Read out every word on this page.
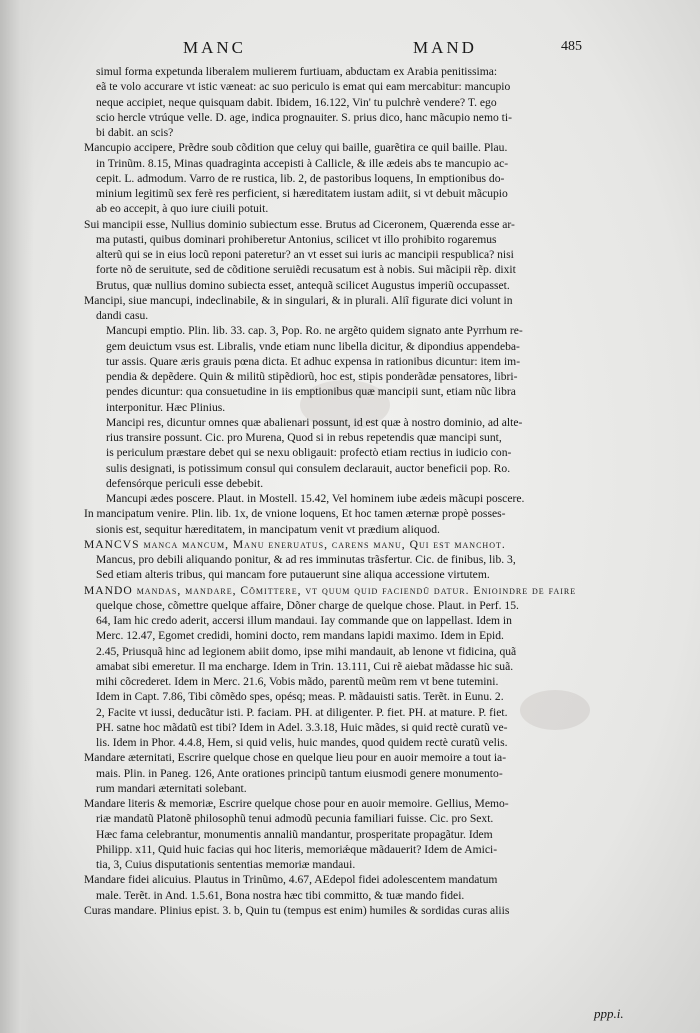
MANC	MAND	485
simul forma expetunda liberalem mulierem furtiuam, abductam ex Arabia penitissima:
eã te volo accurare vt istic væneat: ac suo periculo is emat qui eam mercabitur: mancupio
neque accipiet, neque quisquam dabit. Ibidem, 16.122, Vin' tu pulchrè vendere? T. ego
scio hercle vtrúque velle. D. age, indica prognauiter. S. prius dico, hanc mãcupio nemo ti-
bi dabit. an scis?
Mancupio accipere, Prẽdre soub cõdition que celuy qui baille, guarẽtira ce quil baille. Plau.
in Trinũm. 8.15, Minas quadraginta accepisti à Callicle, & ille ædeis abs te mancupio ac-
cepit. L. admodum. Varro de re rustica, lib. 2, de pastoribus loquens, In emptionibus do-
minium legitimũ sex ferè res perficient, si hæreditatem iustam adiit, si vt debuit mãcupio
ab eo accepit, à quo iure ciuili potuit.
Sui mancipii esse, Nullius dominio subiectum esse. Brutus ad Ciceronem, Quærenda esse ar-
ma putasti, quibus dominari prohiberetur Antonius, scilicet vt illo prohibito rogaremus
alterũ qui se in eius locũ reponi pateretur? an vt esset sui iuris ac mancipii respublica? nisi
forte nõ de seruitute, sed de cõditione seruiẽdi recusatum est à nobis. Sui mãcipii rẽp. dixit
Brutus, quæ nullius domino subiecta esset, antequã scilicet Augustus imperiũ occupasset.
Mancipi, siue mancupi, indeclinabile, & in singulari, & in plurali. Aliĩ figurate dici volunt in
dandi casu.
Mancupi emptio. Plin. lib. 33. cap. 3, Pop. Ro. ne argẽto quidem signato ante Pyrrhum re-
gem deuictum vsus est. Libralis, vnde etiam nunc libella dicitur, & dipondius appendeba-
tur assis. Quare æris grauis pœna dicta. Et adhuc expensa in rationibus dicuntur: item im-
pendia & depẽdere. Quin & militũ stipẽdiorũ, hoc est, stipis ponderãdæ pensatores, libri-
pendes dicuntur: qua consuetudine in iis emptionibus quæ mancipii sunt, etiam nũc libra
interponitur. Hæc Plinius.
Mancipi res, dicuntur omnes quæ abalienari possunt, id est quæ à nostro dominio, ad alte-
rius transire possunt. Cic. pro Murena, Quod si in rebus repetendis quæ mancipi sunt,
is periculum præstare debet qui se nexu obligauit: profectò etiam rectius in iudicio con-
sulis designati, is potissimum consul qui consulem declarauit, auctor beneficii pop. Ro.
defensórque periculi esse debebit.
Mancupi ædes poscere. Plaut. in Mostell. 15.42, Vel hominem iube ædeis mãcupi poscere.
In mancipatum venire. Plin. lib. 1x, de vnione loquens, Et hoc tamen æternæ propè posses-
sionis est, sequitur hæreditatem, in mancipatum venit vt prædium aliquod.
MANCVS manca mancum, Manu eneruatus, carens manu, Qui est manchot.
Mancus, pro debili aliquando ponitur, & ad res imminutas trãsfertur. Cic. de finibus, lib. 3,
Sed etiam alteris tribus, qui mancam fore putauerunt sine aliqua accessione virtutem.
MANDO mandas, mandare, Cõmittere, vt quum quid faciendũ datur. Enioindre de faire
quelque chose, cõmettre quelque affaire, Dõner charge de quelque chose. Plaut. in Perf. 15.
64, Iam hic credo aderit, accersi illum mandaui. Iay commande que on lappellast. Idem in
Merc. 12.47, Egomet credidi, homini docto, rem mandans lapidi maximo. Idem in Epid.
2.45, Priusquã hinc ad legionem abiit domo, ipse mihi mandauit, ab lenone vt fidicina, quã
amabat sibi emeretur. Il ma encharge. Idem in Trin. 13.111, Cui rẽ aiebat mãdasse hic suã.
mihi cõcrederet. Idem in Merc. 21.6, Vobis mãdo, parentũ meũm rem vt bene tutemini.
Idem in Capt. 7.86, Tibi cõmẽdo spes, opésq; meas. P. mãdauisti satis. Terẽt. in Eunu. 2.
2, Facite vt iussi, deducãtur isti. P. faciam. PH. at diligenter. P. fiet. PH. at mature. P. fiet.
PH. satne hoc mãdatũ est tibi? Idem in Adel. 3.3.18, Huic mãdes, si quid rectè curatũ ve-
lis. Idem in Phor. 4.4.8, Hem, si quid velis, huic mandes, quod quidem rectè curatũ velis.
Mandare æternitati, Escrire quelque chose en quelque lieu pour en auoir memoire a tout ia-
mais. Plin. in Paneg. 126, Ante orationes principũ tantum eiusmodi genere monumento-
rum mandari æternitati solebant.
Mandare literis & memoriæ, Escrire quelque chose pour en auoir memoire. Gellius, Memo-
riæ mandatũ Platonẽ philosophũ tenui admodũ pecunia familiari fuisse. Cic. pro Sext.
Hæc fama celebrantur, monumentis annaliũ mandantur, prosperitate propagãtur. Idem
Philipp. x11, Quid huic facias qui hoc literis, memoriǽque mãdauerit? Idem de Amici-
tia, 3, Cuius disputationis sententias memoriæ mandaui.
Mandare fidei alicuius. Plautus in Trinũmo, 4.67, AEdepol fidei adolescentem mandatum
male. Terẽt. in And. 1.5.61, Bona nostra hæc tibi committo, & tuæ mando fidei.
Curas mandare. Plinius epist. 3. b, Quin tu (tempus est enim) humiles & sordidas curas aliis
ppp.i.
